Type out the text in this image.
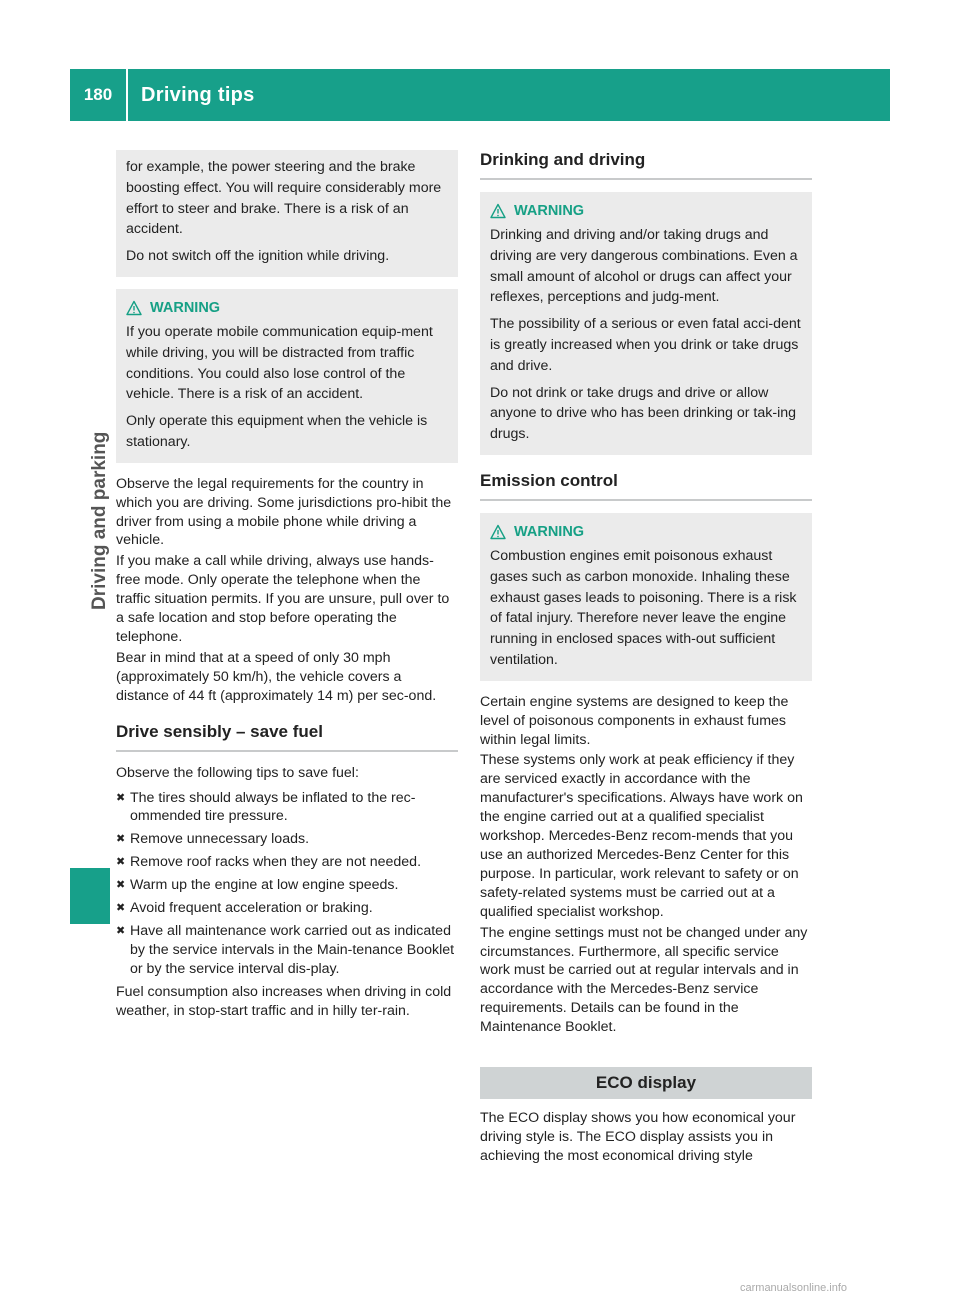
180	Driving tips
Driving and parking

for example, the power steering and the brake boosting effect. You will require considerably more effort to steer and brake. There is a risk of an accident.

Do not switch off the ignition while driving.

WARNING

If you operate mobile communication equip-ment while driving, you will be distracted from traffic conditions. You could also lose control of the vehicle. There is a risk of an accident.

Only operate this equipment when the vehicle is stationary.

Observe the legal requirements for the country in which you are driving. Some jurisdictions pro-hibit the driver from using a mobile phone while driving a vehicle.

If you make a call while driving, always use hands-free mode. Only operate the telephone when the traffic situation permits. If you are unsure, pull over to a safe location and stop before operating the telephone.

Bear in mind that at a speed of only 30 mph (approximately 50 km/h), the vehicle covers a distance of 44 ft (approximately 14 m) per sec-ond.

Drive sensibly – save fuel

Observe the following tips to save fuel:

✖ The tires should always be inflated to the rec-ommended tire pressure.
✖ Remove unnecessary loads.
✖ Remove roof racks when they are not needed.
✖ Warm up the engine at low engine speeds.
✖ Avoid frequent acceleration or braking.
✖ Have all maintenance work carried out as indicated by the service intervals in the Main-tenance Booklet or by the service interval dis-play.

Fuel consumption also increases when driving in cold weather, in stop-start traffic and in hilly ter-rain.

Drinking and driving
WARNING

Drinking and driving and/or taking drugs and driving are very dangerous combinations. Even a small amount of alcohol or drugs can affect your reflexes, perceptions and judg-ment.

The possibility of a serious or even fatal acci-dent is greatly increased when you drink or take drugs and drive.

Do not drink or take drugs and drive or allow anyone to drive who has been drinking or tak-ing drugs.

Emission control
WARNING

Combustion engines emit poisonous exhaust gases such as carbon monoxide. Inhaling these exhaust gases leads to poisoning. There is a risk of fatal injury. Therefore never leave the engine running in enclosed spaces with-out sufficient ventilation.

Certain engine systems are designed to keep the level of poisonous components in exhaust fumes within legal limits.

These systems only work at peak efficiency if they are serviced exactly in accordance with the manufacturer's specifications. Always have work on the engine carried out at a qualified specialist workshop. Mercedes-Benz recom-mends that you use an authorized Mercedes-Benz Center for this purpose. In particular, work relevant to safety or on safety-related systems must be carried out at a qualified specialist workshop.

The engine settings must not be changed under any circumstances. Furthermore, all specific service work must be carried out at regular intervals and in accordance with the Mercedes-Benz service requirements. Details can be found in the Maintenance Booklet.

ECO display

The ECO display shows you how economical your driving style is. The ECO display assists you in achieving the most economical driving style

carmanualsonline.info
